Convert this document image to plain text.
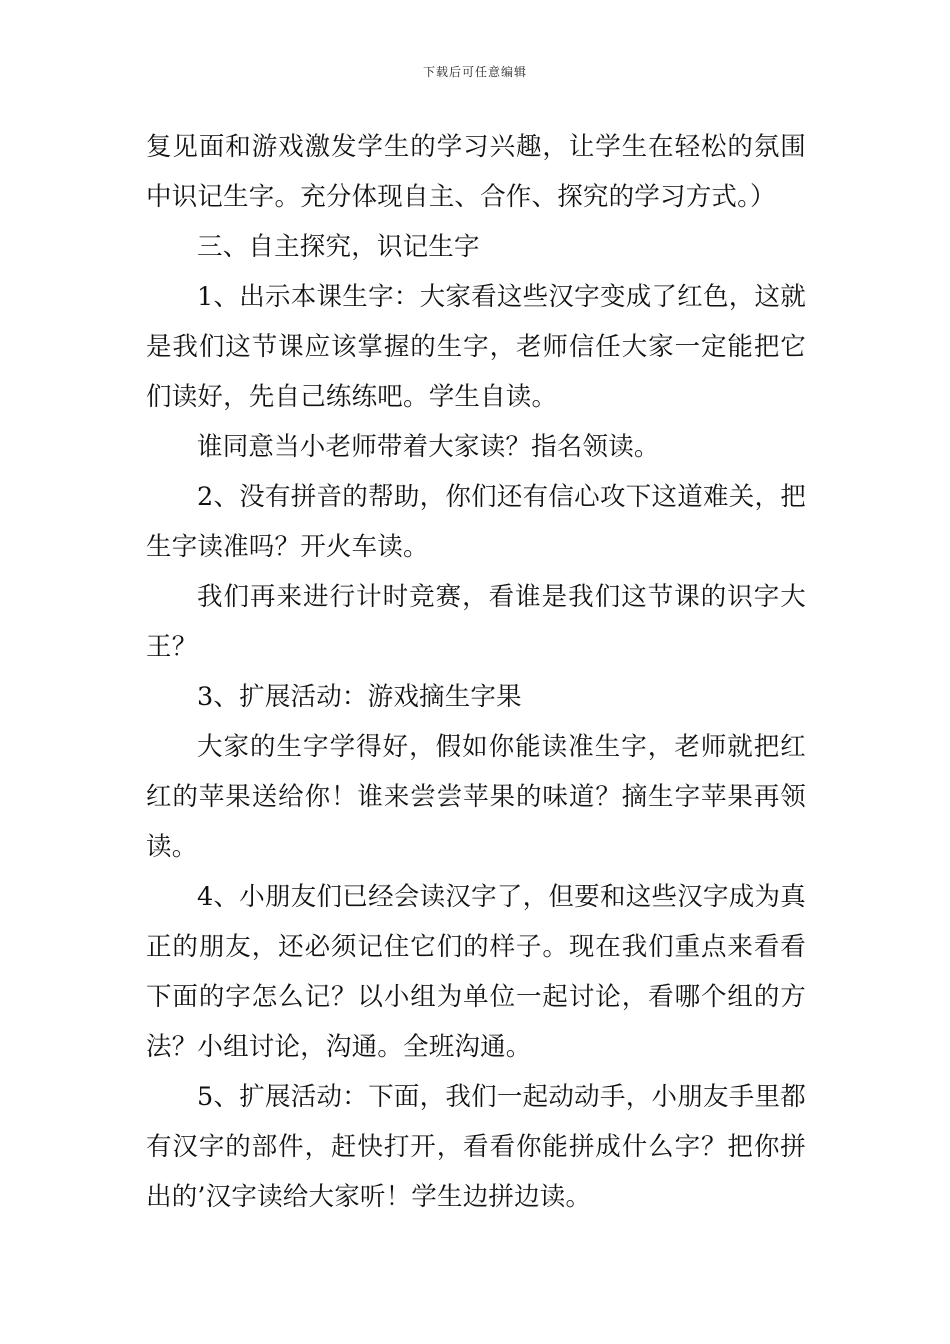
下载后可任意编辑

复见面和游戏激发学生的学习兴趣，让学生在轻松的氛围中识记生字。充分体现自主、合作、探究的学习方式。）

三、自主探究，识记生字

1、出示本课生字：大家看这些汉字变成了红色，这就是我们这节课应该掌握的生字，老师信任大家一定能把它们读好，先自己练练吧。学生自读。

谁同意当小老师带着大家读？指名领读。

2、没有拼音的帮助，你们还有信心攻下这道难关，把生字读准吗？开火车读。

我们再来进行计时竞赛，看谁是我们这节课的识字大王？

3、扩展活动：游戏摘生字果

大家的生字学得好，假如你能读准生字，老师就把红红的苹果送给你！谁来尝尝苹果的味道？摘生字苹果再领读。

4、小朋友们已经会读汉字了，但要和这些汉字成为真正的朋友，还必须记住它们的样子。现在我们重点来看看下面的字怎么记？以小组为单位一起讨论，看哪个组的方法？小组讨论，沟通。全班沟通。

5、扩展活动：下面，我们一起动动手，小朋友手里都有汉字的部件，赶快打开，看看你能拼成什么字？把你拼出的’汉字读给大家听！学生边拼边读。
